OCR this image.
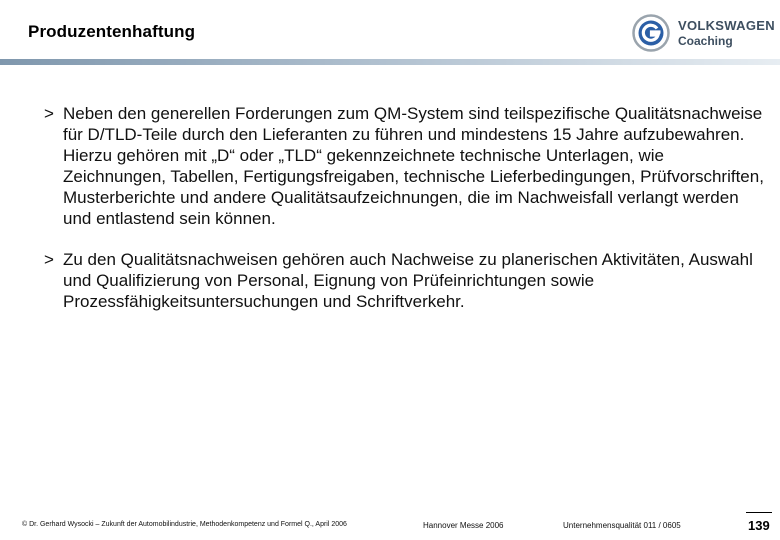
Produzentenhaftung	VOLKSWAGEN
Coaching
> Neben den generellen Forderungen zum QM-System sind teilspezifische Qualitätsnachweise für D/TLD-Teile durch den Lieferanten zu führen und mindestens 15 Jahre aufzubewahren. Hierzu gehören mit „D“ oder „TLD“ gekennzeichnete technische Unterlagen, wie Zeichnungen, Tabellen, Fertigungsfreigaben, technische Lieferbedingungen, Prüfvorschriften, Musterberichte und andere Qualitätsaufzeichnungen, die im Nachweisfall verlangt werden und entlastend sein können.
> Zu den Qualitätsnachweisen gehören auch Nachweise zu planerischen Aktivitäten, Auswahl und Qualifizierung von Personal, Eignung von Prüfeinrichtungen sowie Prozessfähigkeitsuntersuchungen und Schriftverkehr.
© Dr. Gerhard Wysocki – Zukunft der Automobilindustrie, Methodenkompetenz und Formel Q., April 2006	Hannover Messe 2006	Unternehmensqualität 011 / 0605	139
